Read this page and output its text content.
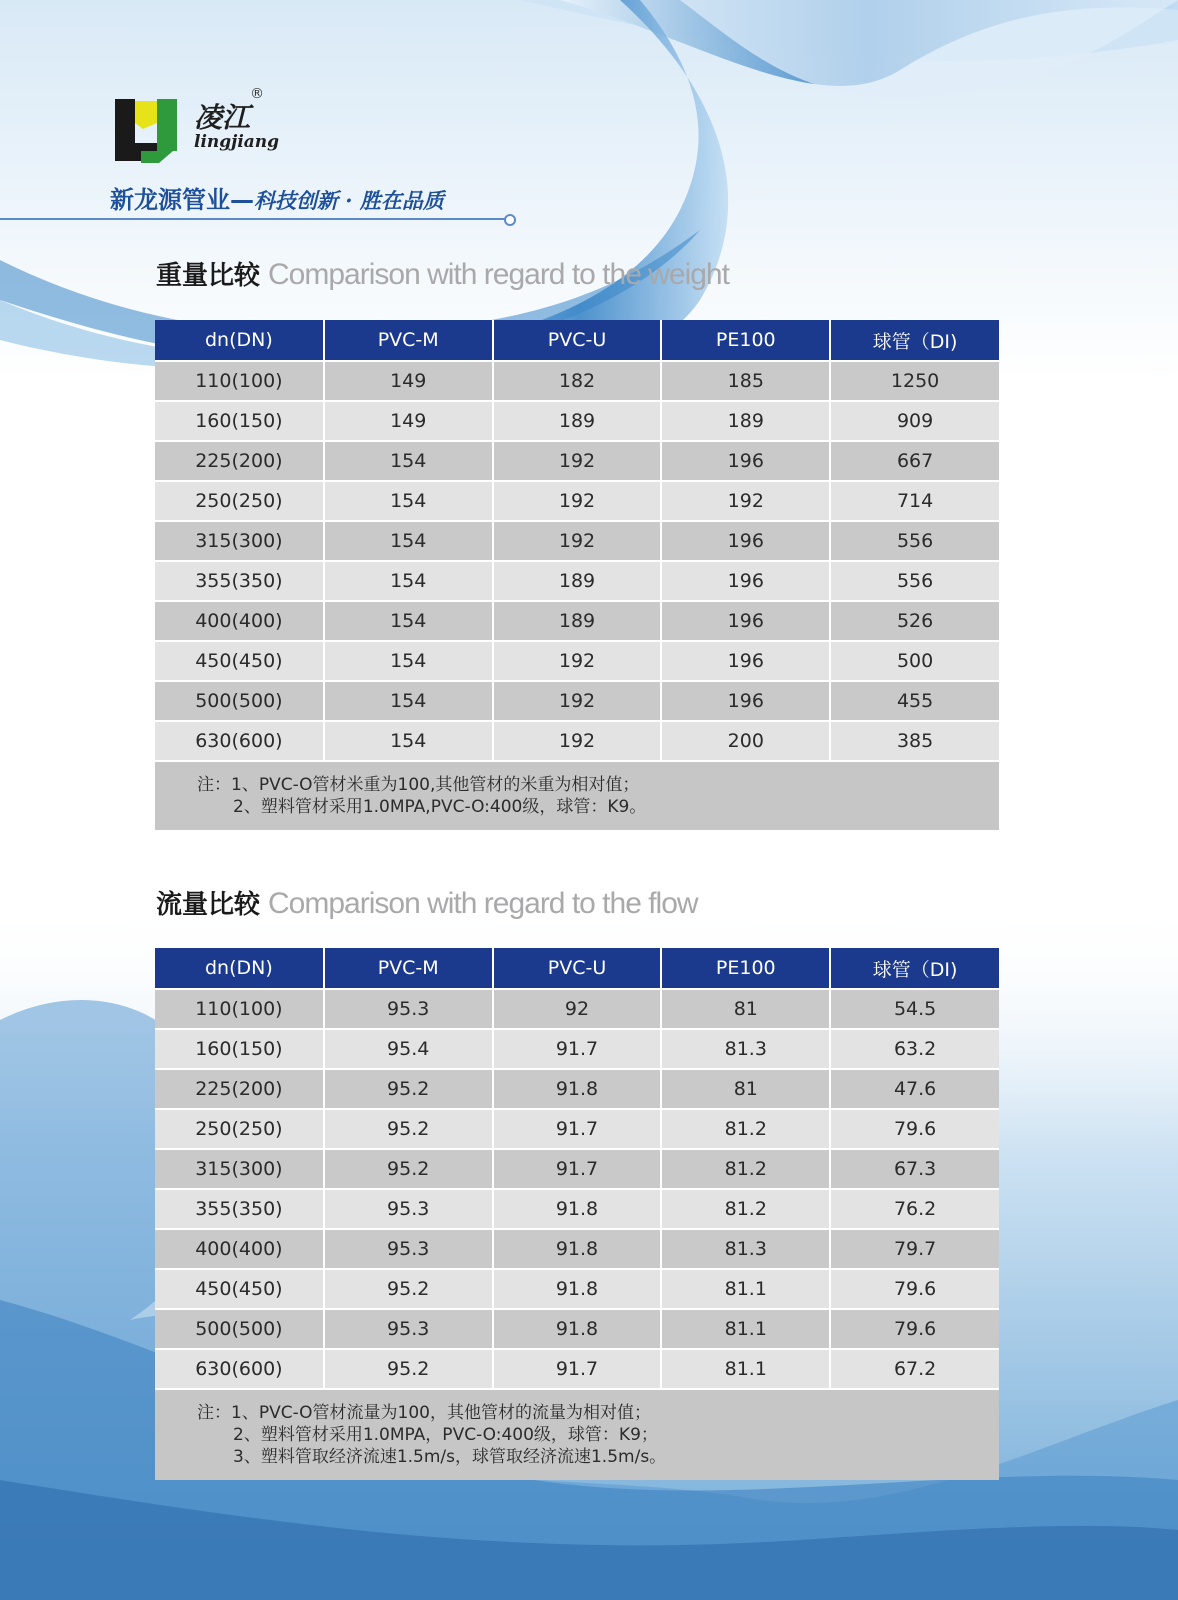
凌江
®
lingjiang
新龙源管业—科技创新 · 胜在品质
重量比较 Comparison with regard to the weight
dn(DN)	PVC-M	PVC-U	PE100	球管（DI)
110(100)	149	182	185	1250
160(150)	149	189	189	909
225(200)	154	192	196	667
250(250)	154	192	192	714
315(300)	154	192	196	556
355(350)	154	189	196	556
400(400)	154	189	196	526
450(450)	154	192	196	500
500(500)	154	192	196	455
630(600)	154	192	200	385

注：1、PVC-O管材米重为100,其他管材的米重为相对值；
2、塑料管材采用1.0MPA,PVC-O:400级，球管：K9。				
流量比较 Comparison with regard to the flow
dn(DN)	PVC-M	PVC-U	PE100	球管（DI)
110(100)	95.3	92	81	54.5
160(150)	95.4	91.7	81.3	63.2
225(200)	95.2	91.8	81	47.6
250(250)	95.2	91.7	81.2	79.6
315(300)	95.2	91.7	81.2	67.3
355(350)	95.3	91.8	81.2	76.2
400(400)	95.3	91.8	81.3	79.7
450(450)	95.2	91.8	81.1	79.6
500(500)	95.3	91.8	81.1	79.6
630(600)	95.2	91.7	81.1	67.2

注：1、PVC-O管材流量为100，其他管材的流量为相对值；
2、塑料管材采用1.0MPA，PVC-O:400级，球管：K9；
3、塑料管取经济流速1.5m/s，球管取经济流速1.5m/s。				
